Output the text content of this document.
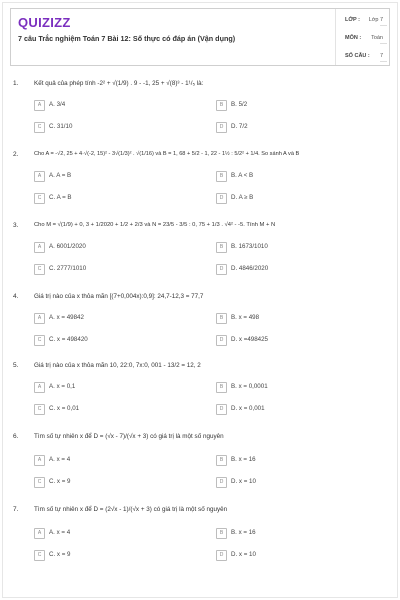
QUIZIZZ
7 câu Trắc nghiệm Toán 7 Bài 12: Số thực có đáp án (Vận dụng)
LỚP : Lớp 7
MÔN : Toán
SỐ CÂU : 7
1. Kết quả của phép tính -2² + √(1/9) . 9 - -1, 25 + √(8)³ - 1¹/₅ là:
A	A. 3/4	B	B. 5/2
C	C. 31/10	D	D. 7/2
2.	Cho A = -√2, 25 + 4·√(-2, 15)² - 3√(1/3)² . √(1/16) và B = 1, 68 + 5/2 - 1, 22 - 1½ : 5/2² + 1/4. So sánh A và B
A	A. A = B	B	B. A < B
C	C. A = B	D	D. A ≥ B
3.	Cho M = √(1/9) + 0, 3 + 1/2020 + 1/2 + 2/3 và N = 23/5 - 3/5 : 0, 75 + 1/3 . √4² - -5. Tính M + N
A	A. 6001/2020	B	B. 1673/1010
C	C. 2777/1010	D	D. 4846/2020
4. Giá trị nào của x thỏa mãn [(7+0,004x):0,9]: 24,7-12,3 = 77,7
A	A. x = 49842	B	B. x = 498
C	C. x = 498420	D	D. x =498425
5. Giá trị nào của x thỏa mãn 10, 22:0, 7x:0, 001 - 13/2 = 12, 2
A	A. x = 0,1	B	B. x = 0,0001
C	C. x = 0,01	D	D. x = 0,001
6. Tìm số tự nhiên x để D = (√x - 7)/(√x + 3) có giá trị là một số nguyên
A	A. x = 4	B	B. x = 16
C	C. x = 9	D	D. x = 10
7. Tìm số tự nhiên x để D = (2√x - 1)/(√x + 3) có giá trị là một số nguyên
A	A. x = 4	B	B. x = 16
C	C. x = 9	D	D. x = 10
